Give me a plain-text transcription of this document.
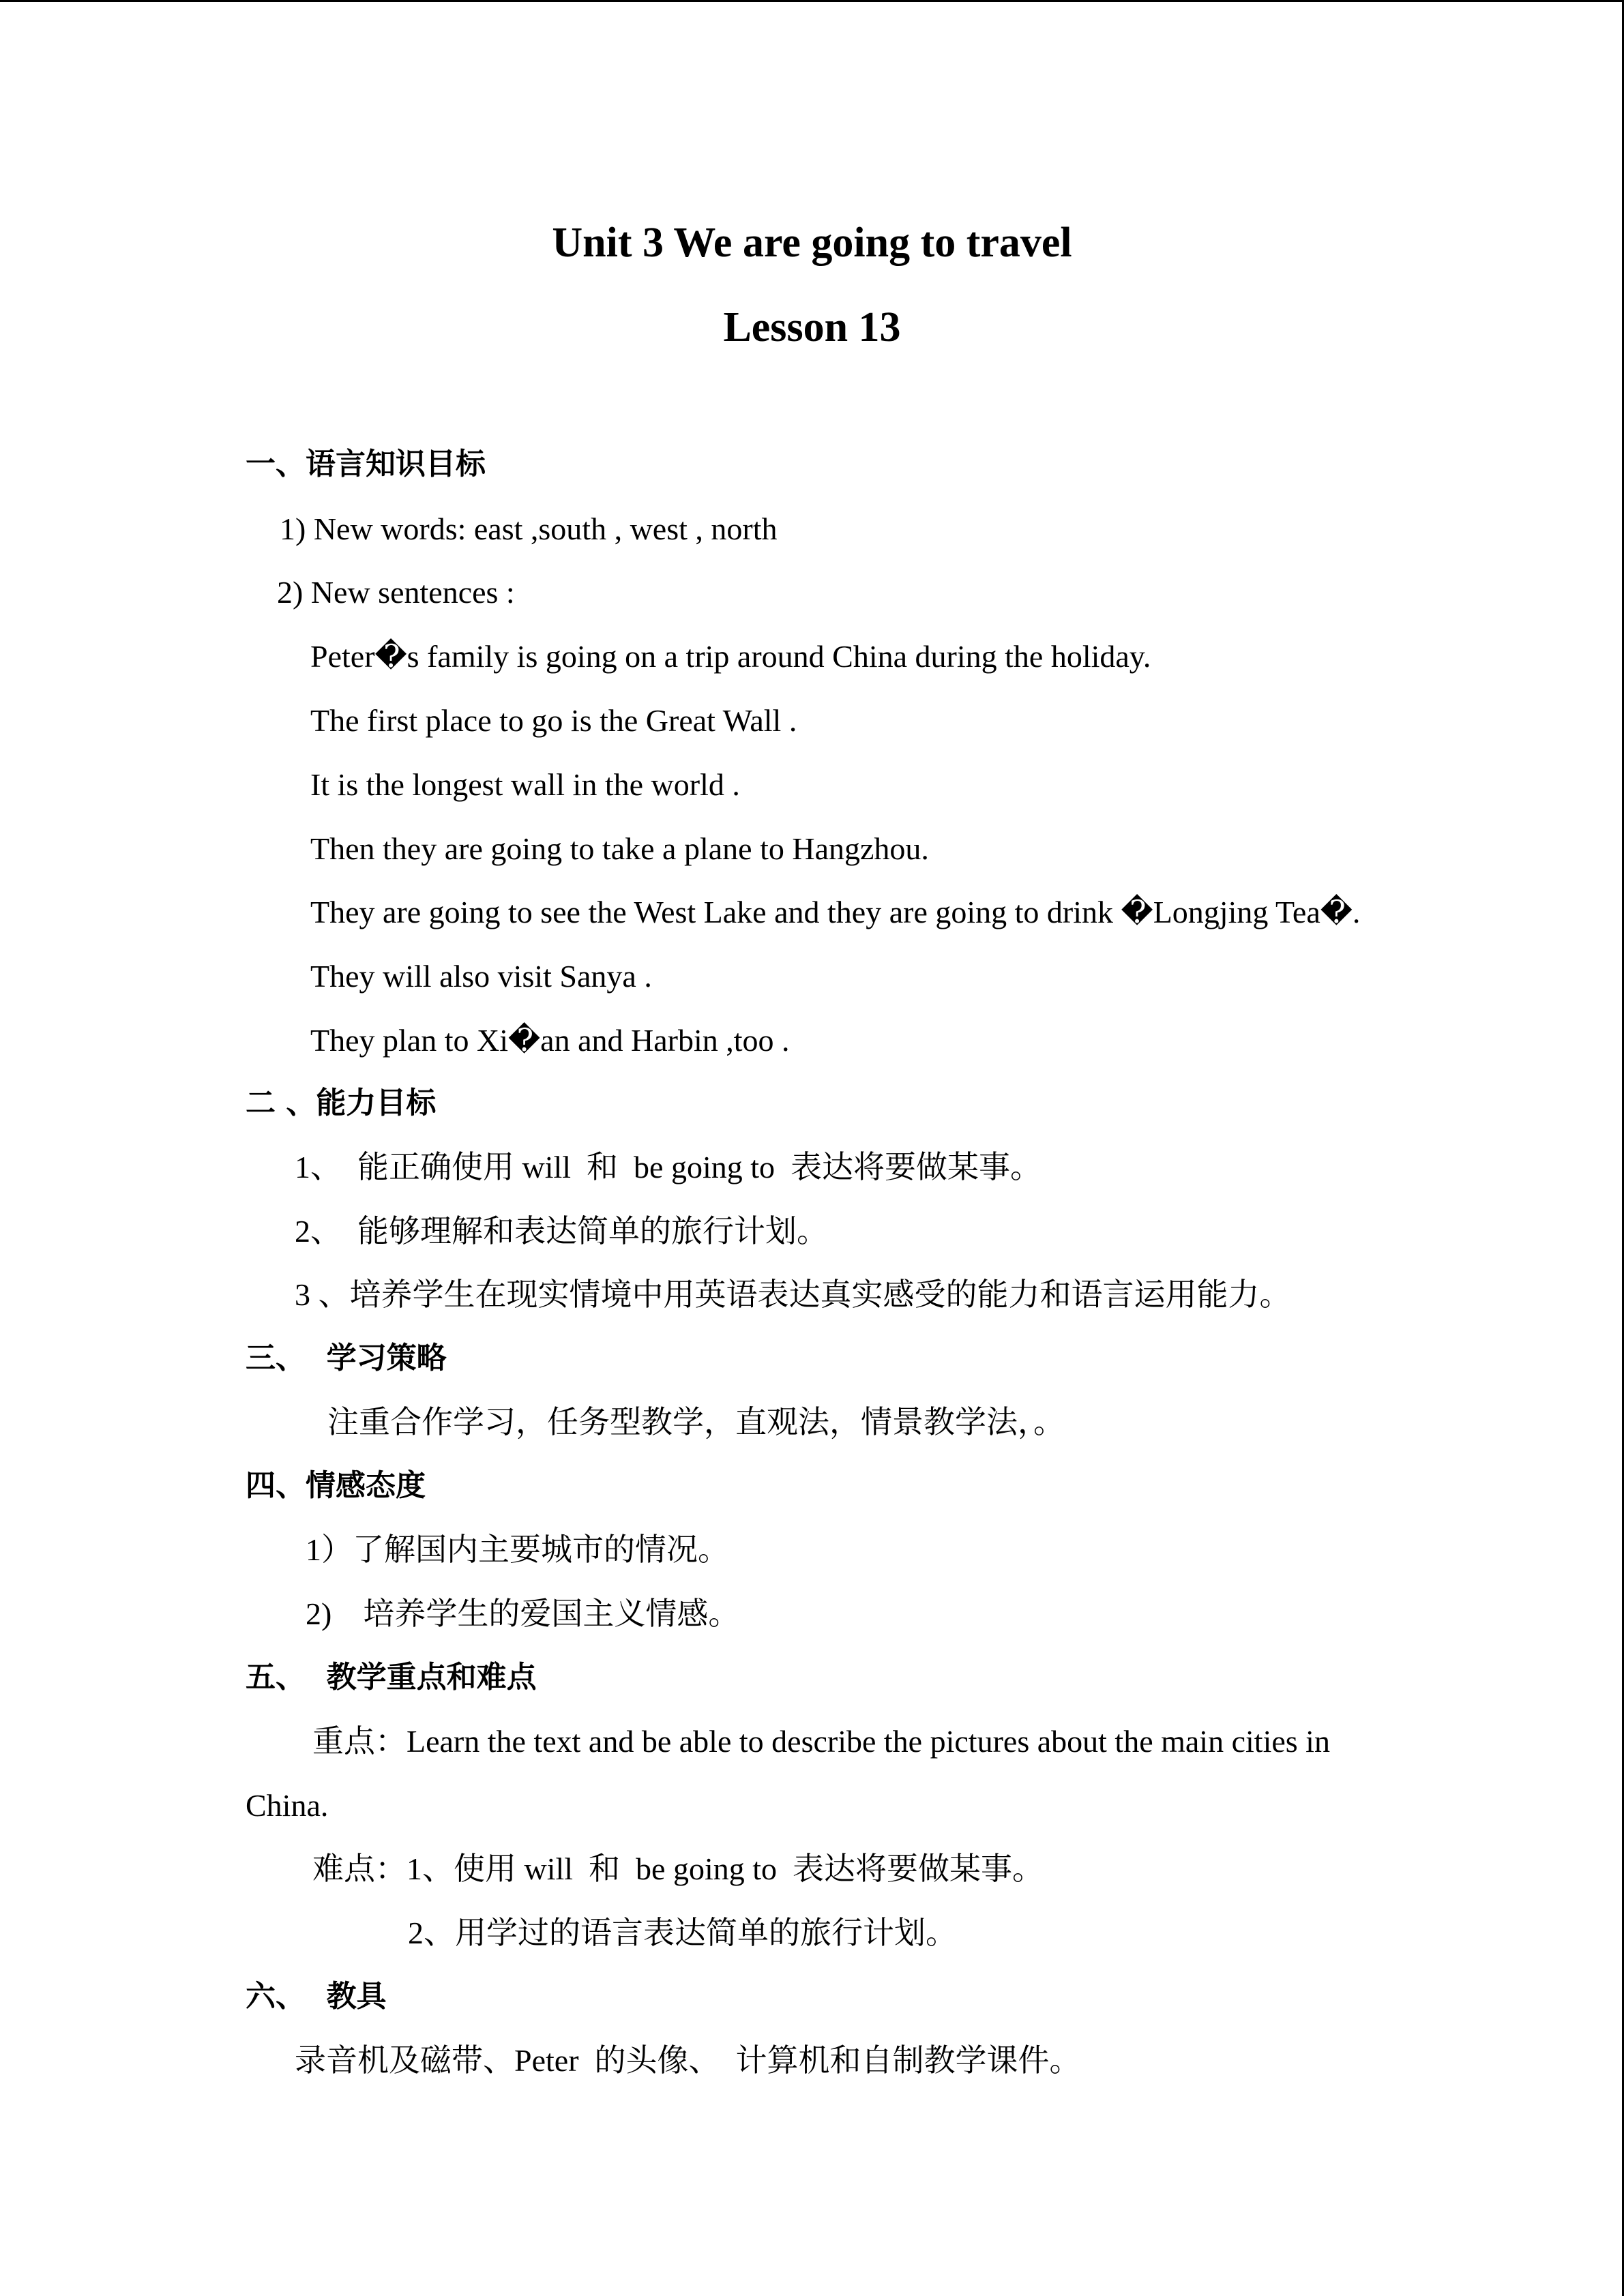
Unit 3 We are going to travel
Lesson 13
一、语言知识目标
1) New words: east ,south , west , north
2) New sentences :
Peter�s family is going on a trip around China during the holiday.
The first place to go is the Great Wall .
It is the longest wall in the world .
Then they are going to take a plane to Hangzhou.
They are going to see the West Lake and they are going to drink �Longjing Tea�.
They will also visit Sanya .
They plan to Xi�an and Harbin ,too .
二 、能力目标
1、  能正确使用 will  和  be going to  表达将要做某事。
2、  能够理解和表达简单的旅行计划。
3 、培养学生在现实情境中用英语表达真实感受的能力和语言运用能力。
三、  学习策略
注重合作学习，任务型教学，直观法，情景教学法，。
四、情感态度
1）了解国内主要城市的情况。
2)    培养学生的爱国主义情感。
五、  教学重点和难点
重点：Learn the text and be able to describe the pictures about the main cities in
China.
难点：1、使用 will  和  be going to  表达将要做某事。
2、用学过的语言表达简单的旅行计划。
六、  教具
录音机及磁带、Peter  的头像、  计算机和自制教学课件。
